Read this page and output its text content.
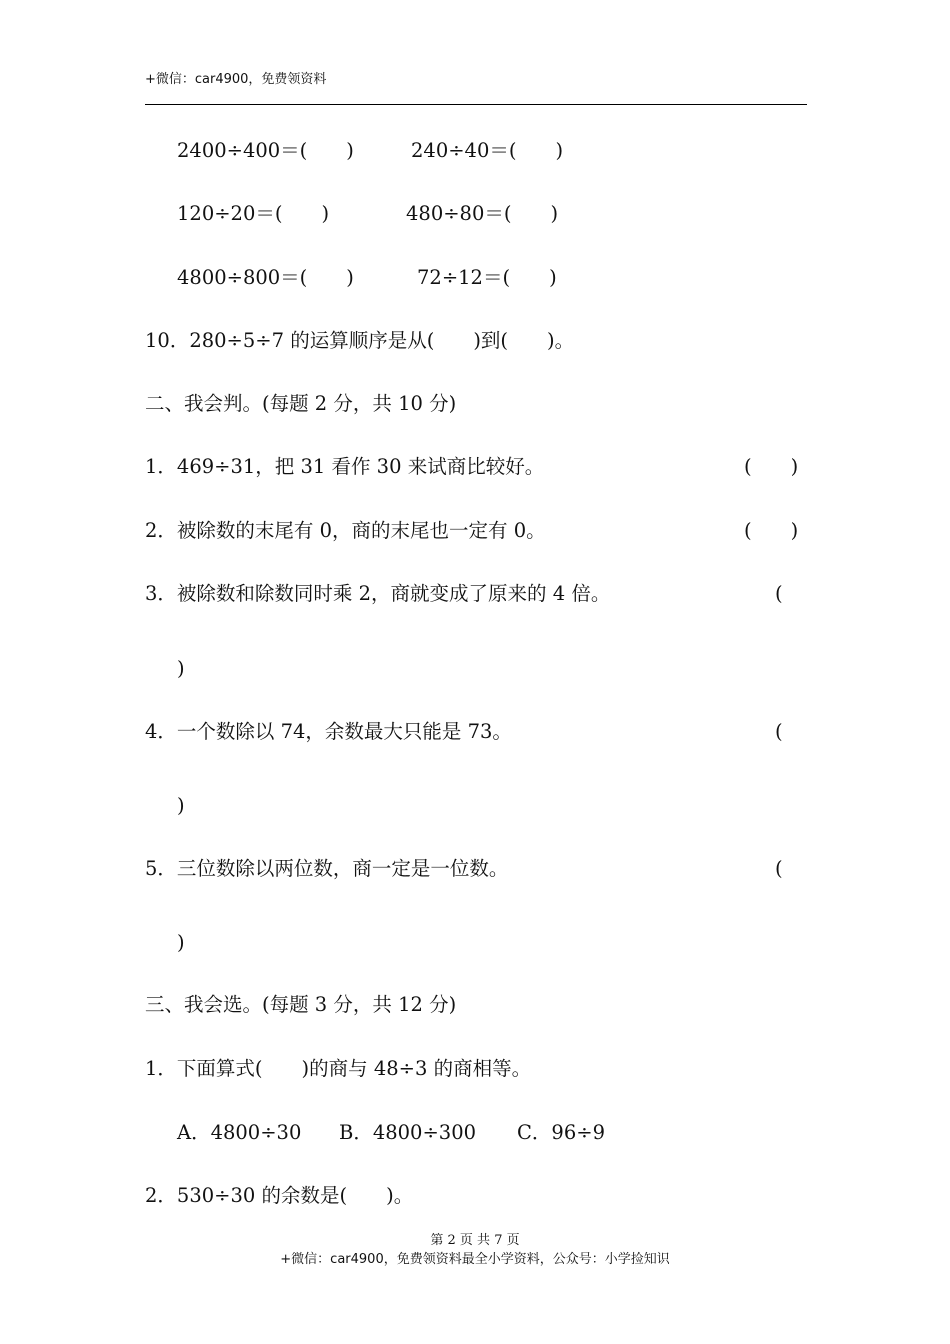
+微信：car4900，免费领资料
2400÷400＝(　　)	240÷40＝(　　)
120÷20＝(　　)	480÷80＝(　　)
4800÷800＝(　　)	72÷12＝(　　)
10．280÷5÷7 的运算顺序是从(　　)到(　　)。
二、我会判。(每题 2 分，共 10 分)
1．469÷31，把 31 看作 30 来试商比较好。	(　　)
2．被除数的末尾有 0，商的末尾也一定有 0。	(　　)
3．被除数和除数同时乘 2，商就变成了原来的 4 倍。	(
)
4．一个数除以 74，余数最大只能是 73。	(
)
5．三位数除以两位数，商一定是一位数。	(
)
三、我会选。(每题 3 分，共 12 分)
1．下面算式(　　)的商与 48÷3 的商相等。
A．4800÷30 B．4800÷300 C．96÷9
2．530÷30 的余数是(　　)。
第 2 页 共 7 页
+微信：car4900，免费领资料最全小学资料，公众号：小学捡知识
